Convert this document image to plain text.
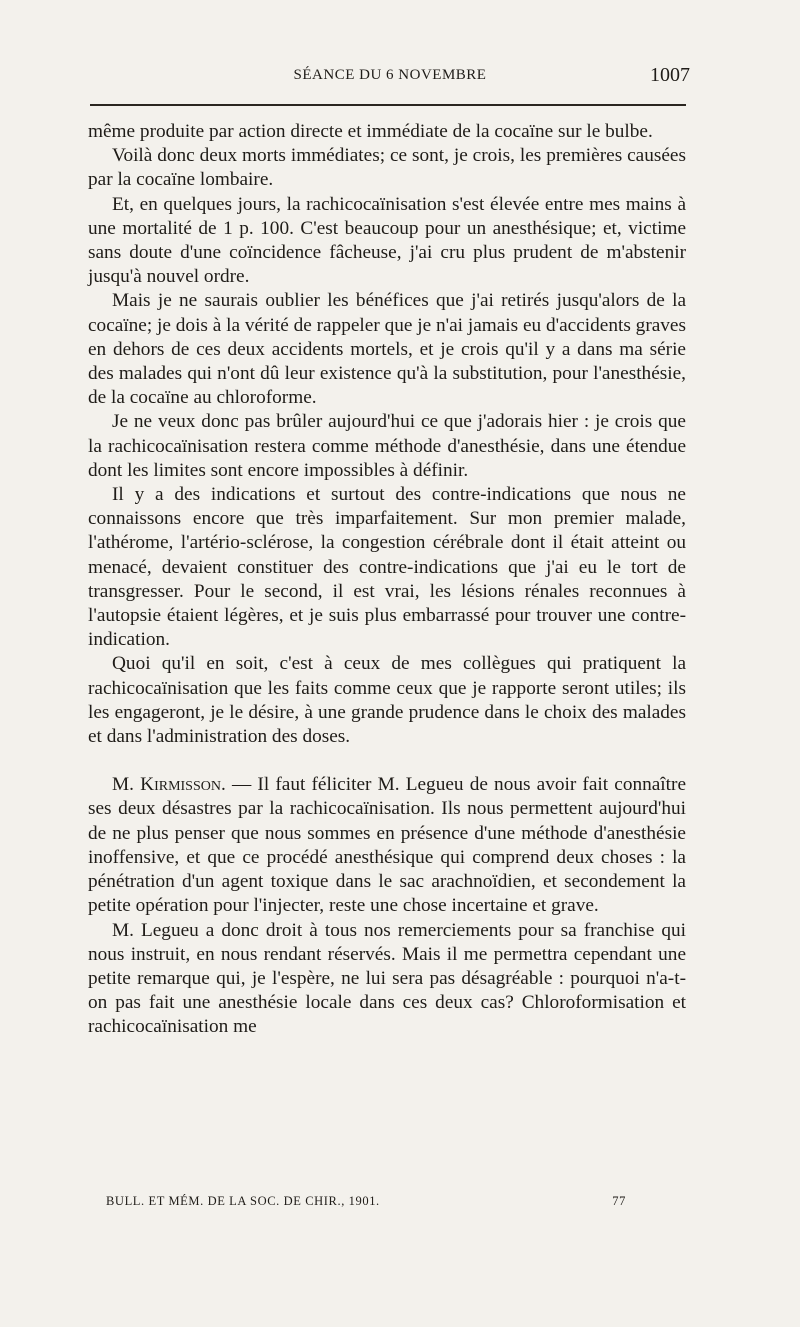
SÉANCE DU 6 NOVEMBRE	1007

même produite par action directe et immédiate de la cocaïne sur le bulbe.

Voilà donc deux morts immédiates; ce sont, je crois, les premières causées par la cocaïne lombaire.

Et, en quelques jours, la rachicocaïnisation s'est élevée entre mes mains à une mortalité de 1 p. 100. C'est beaucoup pour un anesthésique; et, victime sans doute d'une coïncidence fâcheuse, j'ai cru plus prudent de m'abstenir jusqu'à nouvel ordre.

Mais je ne saurais oublier les bénéfices que j'ai retirés jusqu'alors de la cocaïne; je dois à la vérité de rappeler que je n'ai jamais eu d'accidents graves en dehors de ces deux accidents mortels, et je crois qu'il y a dans ma série des malades qui n'ont dû leur existence qu'à la substitution, pour l'anesthésie, de la cocaïne au chloroforme.

Je ne veux donc pas brûler aujourd'hui ce que j'adorais hier : je crois que la rachicocaïnisation restera comme méthode d'anesthésie, dans une étendue dont les limites sont encore impossibles à définir.

Il y a des indications et surtout des contre-indications que nous ne connaissons encore que très imparfaitement. Sur mon premier malade, l'athérome, l'artério-sclérose, la congestion cérébrale dont il était atteint ou menacé, devaient constituer des contre-indications que j'ai eu le tort de transgresser. Pour le second, il est vrai, les lésions rénales reconnues à l'autopsie étaient légères, et je suis plus embarrassé pour trouver une contre-indication.

Quoi qu'il en soit, c'est à ceux de mes collègues qui pratiquent la rachicocaïnisation que les faits comme ceux que je rapporte seront utiles; ils les engageront, je le désire, à une grande prudence dans le choix des malades et dans l'administration des doses.

M. Kirmisson. — Il faut féliciter M. Legueu de nous avoir fait connaître ses deux désastres par la rachicocaïnisation. Ils nous permettent aujourd'hui de ne plus penser que nous sommes en présence d'une méthode d'anesthésie inoffensive, et que ce procédé anesthésique qui comprend deux choses : la pénétration d'un agent toxique dans le sac arachnoïdien, et secondement la petite opération pour l'injecter, reste une chose incertaine et grave.

M. Legueu a donc droit à tous nos remerciements pour sa franchise qui nous instruit, en nous rendant réservés. Mais il me permettra cependant une petite remarque qui, je l'espère, ne lui sera pas désagréable : pourquoi n'a-t-on pas fait une anesthésie locale dans ces deux cas? Chloroformisation et rachicocaïnisation me

BULL. ET MÉM. DE LA SOC. DE CHIR., 1901.	77
